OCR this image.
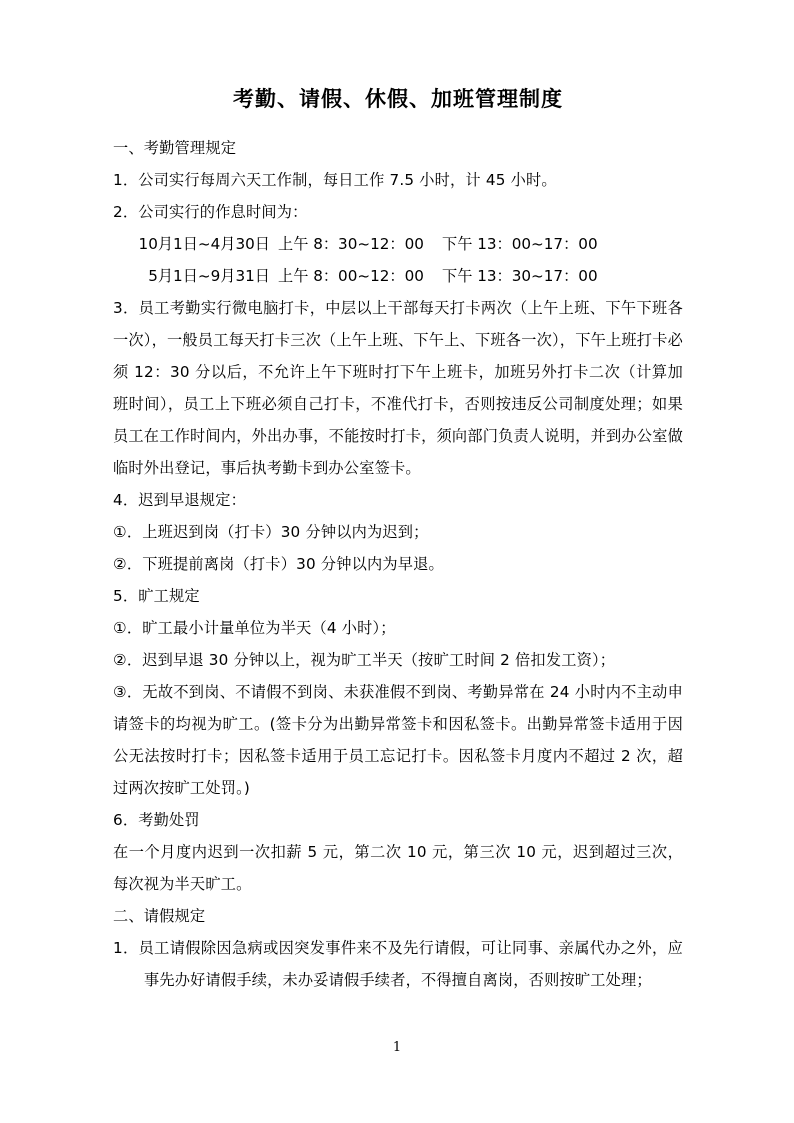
考勤、请假、休假、加班管理制度

一、考勤管理规定

1．公司实行每周六天工作制，每日工作 7.5 小时，计 45 小时。

2．公司实行的作息时间为：

10月1日~4月30日 上午 8：30~12：00 下午 13：00~17：00
5月1日~9月31日 上午 8：00~12：00 下午 13：30~17：00

3．员工考勤实行微电脑打卡，中层以上干部每天打卡两次（上午上班、下午下班各一次），一般员工每天打卡三次（上午上班、下午上、下班各一次），下午上班打卡必须 12：30 分以后，不允许上午下班时打下午上班卡，加班另外打卡二次（计算加班时间），员工上下班必须自己打卡，不准代打卡，否则按违反公司制度处理；如果员工在工作时间内，外出办事，不能按时打卡，须向部门负责人说明，并到办公室做临时外出登记，事后执考勤卡到办公室签卡。

4．迟到早退规定：

①．上班迟到岗（打卡）30 分钟以内为迟到；

②．下班提前离岗（打卡）30 分钟以内为早退。

5．旷工规定

①．旷工最小计量单位为半天（4 小时）；

②．迟到早退 30 分钟以上，视为旷工半天（按旷工时间 2 倍扣发工资）；

③．无故不到岗、不请假不到岗、未获准假不到岗、考勤异常在 24 小时内不主动申请签卡的均视为旷工。(签卡分为出勤异常签卡和因私签卡。出勤异常签卡适用于因公无法按时打卡；因私签卡适用于员工忘记打卡。因私签卡月度内不超过 2 次，超过两次按旷工处罚。)

6．考勤处罚

在一个月度内迟到一次扣薪 5 元，第二次 10 元，第三次 10 元，迟到超过三次，每次视为半天旷工。

二、请假规定

1．员工请假除因急病或因突发事件来不及先行请假，可让同事、亲属代办之外，应事先办好请假手续，未办妥请假手续者，不得擅自离岗，否则按旷工处理；

1
